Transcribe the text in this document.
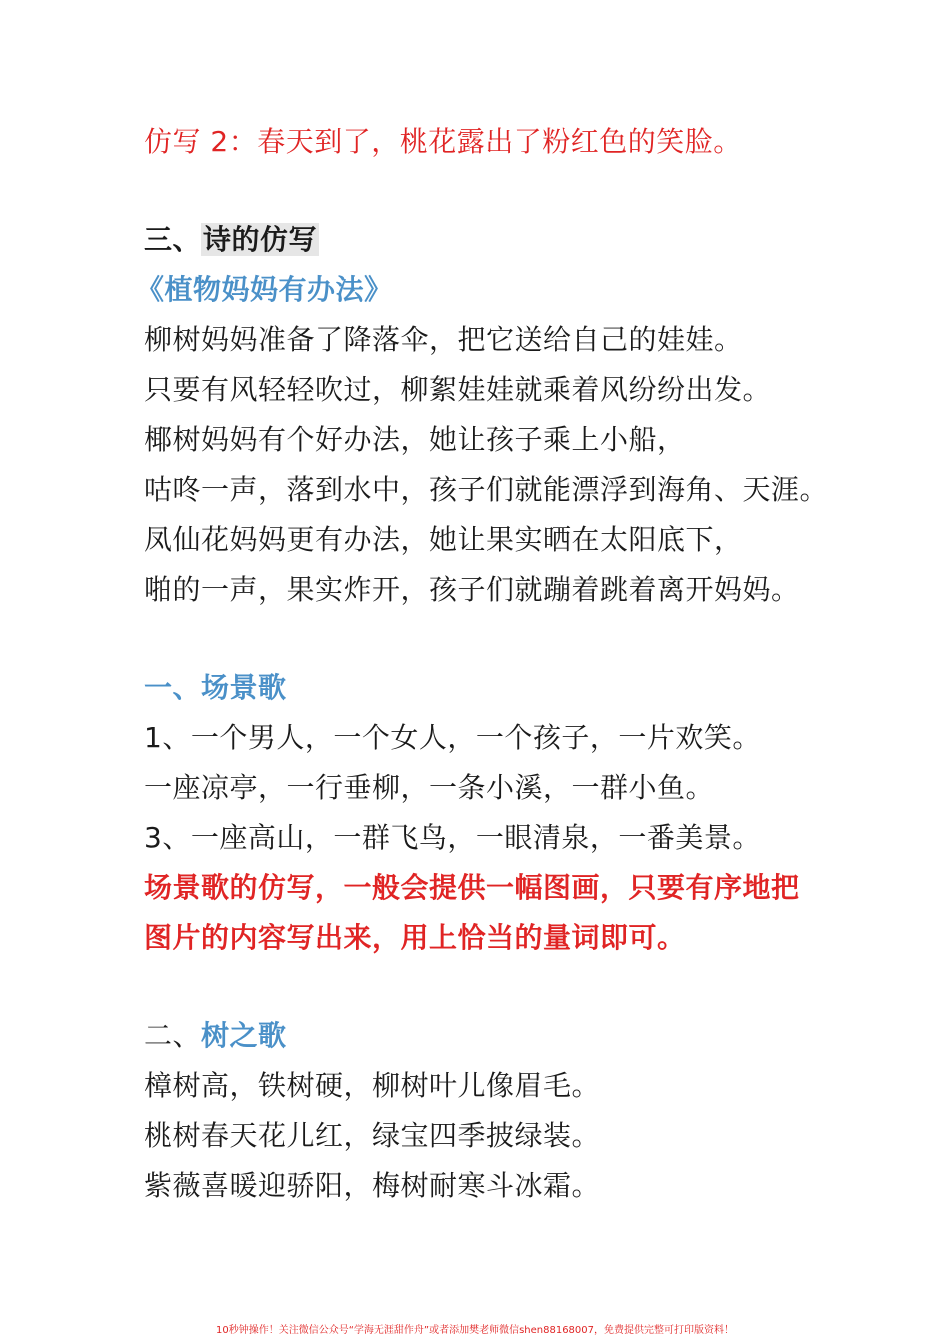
仿写 2：春天到了，桃花露出了粉红色的笑脸。
三、诗的仿写
《植物妈妈有办法》
柳树妈妈准备了降落伞，把它送给自己的娃娃。
只要有风轻轻吹过，柳絮娃娃就乘着风纷纷出发。
椰树妈妈有个好办法，她让孩子乘上小船，
咕咚一声，落到水中，孩子们就能漂浮到海角、天涯。
凤仙花妈妈更有办法，她让果实晒在太阳底下，
啪的一声，果实炸开，孩子们就蹦着跳着离开妈妈。
一、场景歌
1、一个男人，一个女人，一个孩子，一片欢笑。
一座凉亭，一行垂柳，一条小溪，一群小鱼。
3、一座高山，一群飞鸟，一眼清泉，一番美景。
场景歌的仿写，一般会提供一幅图画，只要有序地把
图片的内容写出来，用上恰当的量词即可。
二、树之歌
樟树高，铁树硬，柳树叶儿像眉毛。
桃树春天花儿红，绿宝四季披绿装。
紫薇喜暖迎骄阳，梅树耐寒斗冰霜。
10秒钟操作！关注微信公众号“学海无涯甜作舟”或者添加樊老师微信shen88168007，免费提供完整可打印版资料！
